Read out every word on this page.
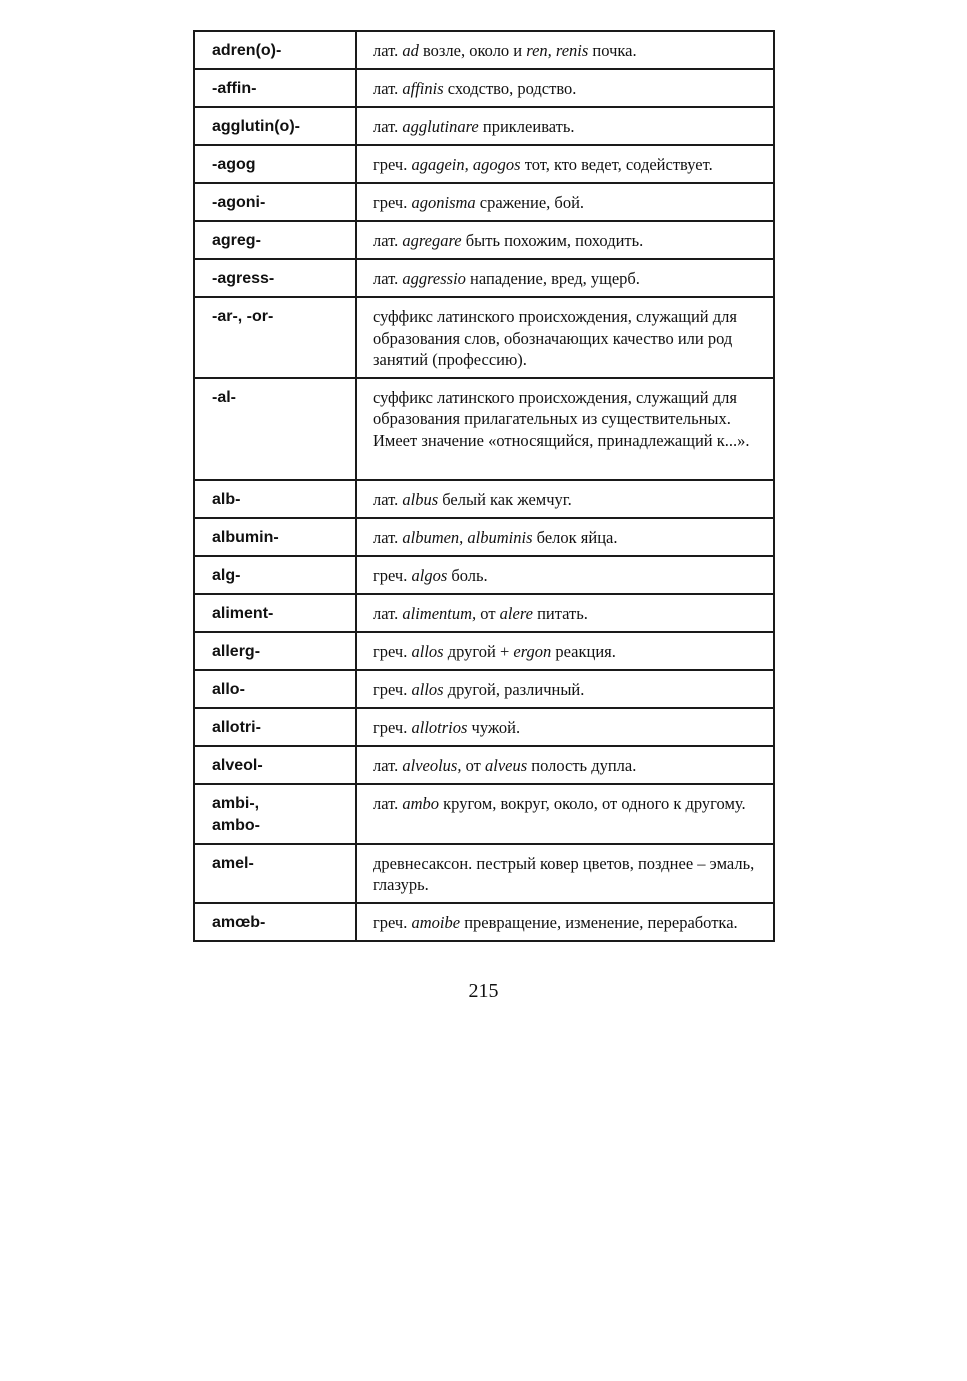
adren(o)-	лат. ad возле, около и ren, renis почка.
-affin-	лат. affinis сходство, родство.
agglutin(o)-	лат. agglutinare приклеивать.
-agog	греч. agagein, agogos тот, кто ведет, содействует.
-agoni-	греч. agonisma сражение, бой.
agreg-	лат. agregare быть похожим, походить.
-agress-	лат. aggressio нападение, вред, ущерб.
-ar-, -or-	суффикс латинского происхождения, служащий для образования слов, обозначающих качество или род занятий (профессию).
-al-	суффикс латинского происхождения, служащий для образования прилагательных из существительных. Имеет значение «относящийся, принадлежащий к...».
alb-	лат. albus белый как жемчуг.
albumin-	лат. albumen, albuminis белок яйца.
alg-	греч. algos боль.
aliment-	лат. alimentum, от alere питать.
allerg-	греч. allos другой + ergon реакция.
allo-	греч. allos другой, различный.
allotri-	греч. allotrios чужой.
alveol-	лат. alveolus, от alveus полость дупла.
ambi-,
ambo-	лат. ambo кругом, вокруг, около, от одного к другому.
amel-	древнесаксон. пестрый ковер цветов, позднее – эмаль, глазурь.
amœb-	греч. amoibe превращение, изменение, переработка.
215
